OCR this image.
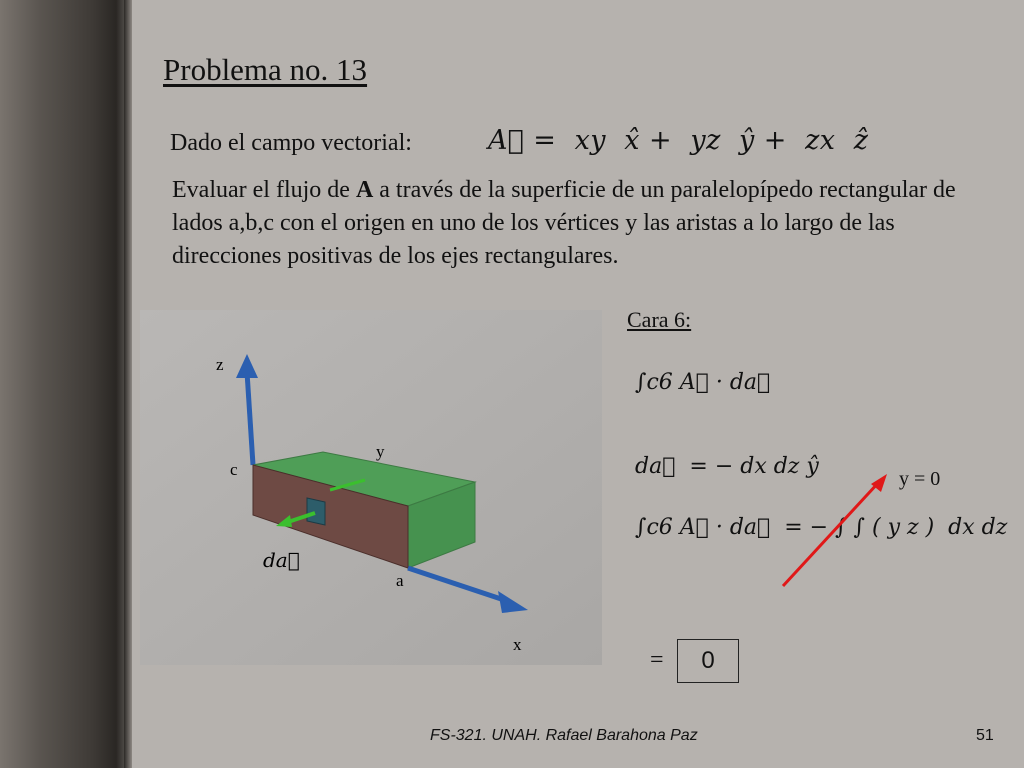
Problema no. 13
Dado el campo vectorial:	A⃗ =  xy  x̂ +  yz  ŷ +  zx  ẑ
Evaluar el flujo de A a través de la superficie de un paralelopípedo rectangular de lados a,b,c con el origen en uno de los vértices y las aristas a lo largo de las direcciones positivas de los ejes rectangulares.
z
y
c
a
x
da⃗
Cara 6:
∫c6 A⃗ · da⃗
da⃗  = − dx dz ŷ
∫c6 A⃗ · da⃗  = − ∫ ∫ ( y z )  dx dz
y = 0
=	0
FS-321. UNAH. Rafael Barahona Paz	51
